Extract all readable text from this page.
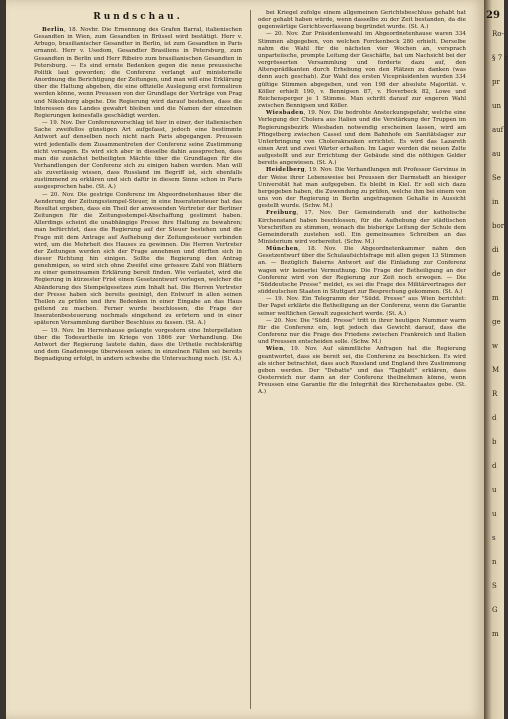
Rundschau.

Berlin, 18. Novbr. Die Ernennung des Grafen Barral, italienischen Gesandten in Wien, zum Gesandten in Brüssel wird bestätigt. Herr v. Arbugo, brasilianischer Gesandter in Berlin, ist zum Gesandten in Paris ernannt. Herr v. Usedom, Gesandter Brasiliens in Petersburg, zum Gesandten in Berlin und Herr Ribeiro zum brasilianischen Gesandten in Petersburg. — Es sind ernste Bedenken gegen die neue preussische Politik laut geworden; die Conferenz verlangt auf ministerielle Anordnung die Berichtigung der Zeitungen, und man will eine Erklärung über die Haltung abgeben, die eine offizielle Auslegung erst formuliren werden könne, wenn Preussen von der Grundlage der Verträge von Prag und Nikolsburg abgehe. Die Regierung wird darauf bestehen, dass die Interessen des Landes gewahrt bleiben und die Namen der einzelnen Regierungen keinesfalls geschädigt werden.

— 19. Nov. Der Conferenzvorschlag ist hier in einer, der italienischen Sache zweifellos günstigen Art aufgefasst, jedoch eine bestimmte Antwort auf denselben noch nicht nach Paris abgegangen. Preussen wird jedenfalls dem Zusammentreten der Conferenz seine Zustimmung nicht versagen. Es wird sich aber in dieselbe dahin aussprechen, dass man die zunächst betheiligten Mächte über die Grundlagen für die Verhandlungen der Conferenz sich zu einigen haben werden. Man will als zuverlässig wissen, dass Russland im Begriff ist, sich ebenfalls zustimmend zu erklären und sich dafür in diesem Sinne schon in Paris ausgesprochen habe. (St. A.)

— 20. Nov. Die gestrige Conferenz im Abgeordnetenhause über die Aenderung der Zeitungsstempel-Steuer, in eine Inseratensteuer hat das Resultat ergeben, dass ein Theil der anwesenden Vertreter der Berliner Zeitungen für die Zeitungsstempel-Abschaffung gestimmt haben. Allerdings scheint die unabhängige Presse ihre Haltung zu bewahren; man befürchtet, dass die Regierung auf der Steuer bestehen und die Frage mit dem Antrage auf Aufhebung der Zeitungssteuer verbinden wird, um die Mehrheit des Hauses zu gewinnen. Die Herren Vertreter der Zeitungen werden sich der Frage annehmen und dürften sich in dieser Richtung hin einigen. Sollte die Regierung den Antrag genehmigen, so wird sich ohne Zweifel eine grössere Zahl von Blättern zu einer gemeinsamen Erklärung bereit finden. Wie verlautet, wird die Regierung in kürzester Frist einen Gesetzentwurf vorlegen, welcher die Abänderung des Stempelgesetzes zum Inhalt hat. Die Herren Vertreter der Presse haben sich bereits geeinigt, den Entwurf in allen seinen Theilen zu prüfen und ihre Bedenken in einer Eingabe an das Haus geltend zu machen. Ferner wurde beschlossen, die Frage der Inseratenbesteuerung nochmals eingehend zu erörtern und in einer späteren Versammlung darüber Beschluss zu fassen. (St. A.)

— 19. Nov. Im Herrenhause gelangte vorgestern eine Interpellation über die Todesurtheile im Kriege von 1866 zur Verhandlung. Die Antwort der Regierung lautete dahin, dass die Urtheile rechtskräftig und dem Gnadenwege überwiesen seien; in einzelnen Fällen sei bereits Begnadigung erfolgt, in andern schwebe die Untersuchung noch. (St. A.)

bei Kriegel zufolge einem allgemeinen Gerichtsbeschluss gehabt hat oder gehabt haben würde, wenn dasselbe zu der Zeit bestanden, da die gegenwärtige Gerichtsverfassung begründet wurde. (St. A.)

— 20. Nov. Zur Präsidentenwahl im Abgeordnetenhause waren 334 Stimmen abgegeben, von welchen Forckenbeck 280 erhielt. Derselbe nahm die Wahl für die nächsten vier Wochen an, versprach unparteiische, prompte Leitung der Geschäfte, bat um Nachsicht bei der vergrösserten Versammlung und forderte dazu auf, den Altersprädikanten durch Erhebung von den Plätzen zu danken (was denn auch geschah). Zur Wahl des ersten Vicepräsidenten wurden 334 gültige Stimmen abgegeben, und von 198 der absolute Majorität. v. Köller erhielt 190, v. Bennigsen 87, v. Hoverbeck 82, Lowe und Reichensperger je 1 Stimme. Man schritt darauf zur engeren Wahl zwischen Bennigsen und Köller.

Wiesbaden, 19. Nov. Die bedrohte Ansteckungsgefahr, welche eine Verlegung der Cholera aus Italien und die Verstärkung der Truppen im Regierungsbezirk Wiesbaden notwendig erscheinen lassen, wird am Pfingstberg zwischen Cassel und dem Bahnhofe ein Sanitätslager zur Unterbringung von Cholerakranken errichtet. Es wird das Lazareth einen Arzt und zwei Wärter erhalten. Im Lager werden die neuen Zelte aufgestellt und zur Errichtung der Gebäude sind die nöthigen Gelder bereits angewiesen. (St. A.)

Heidelberg, 19. Nov. Die Verhandlungen mit Professor Gervinus in der Weise ihrer Lebensweise bei Preussen der Darmstadt an hiesiger Universität hat man aufgegeben. Es bleibt in Kiel. Er soll sich dazu hergegeben haben, die Zuwendung zu prüfen, welche ihm bei einem von uns von der Regierung in Berlin angetragenen Gehalte in Aussicht gestellt wurde. (Schw. M.)

Freiburg, 17. Nov. Der Gemeinderath und der katholische Kirchenstand haben beschlossen, für die Aufhebung der städtischen Vorschriften zu stimmen, wonach die bisherige Leitung der Schule dem Gemeinderath zustehen soll. Ein gemeinsames Schreiben an das Ministerium wird vorbereitet. (Schw. M.)

München, 18. Nov. Die Abgeordnetenkammer nahm den Gesetzentwurf über die Schulaufsichtsfrage mit allen gegen 13 Stimmen an. — Bezüglich Baierns Antwort auf die Einladung zur Conferenz wagen wir keinerlei Vermuthung. Die Frage der Betheiligung an der Conferenz wird von der Regierung zur Zeit noch erwogen. — Die "Süddeutsche Presse" meldet, es sei die Frage des Militärvertrages der süddeutschen Staaten in Stuttgart zur Besprechung gekommen. (St. A.)

— 19. Nov. Ein Telegramm der "Südd. Presse" aus Wien berichtet: Der Papst erklärte die Betheiligung an der Conferenz, wenn die Garantie seiner weltlichen Gewalt zugesichert werde. (St. A.)

— 20. Nov. Die "Südd. Presse" tritt in ihrer heutigen Nummer warm für die Conferenz ein, legt jedoch das Gewicht darauf, dass die Conferenz nur die Frage des Friedens zwischen Frankreich und Italien und Preussen entscheiden solle. (Schw. M.)

Wien, 19. Nov. Auf sämmtliche Anfragen hat die Regierung geantwortet, dass sie bereit sei, die Conferenz zu beschicken. Es wird als sicher betrachtet, dass auch Russland und England ihre Zustimmung geben werden. Der "Debatte" und das "Tagblatt" erklären, dass Oesterreich nur dann an der Conferenz theilnehmen könne, wenn Preussen eine Garantie für die Integrität des Kirchenstaates gebe. (St. A.)

Ro-
§ 7 r
pr
un
auf
au
Se
in
bor
di
de
m
ge
w
M
R
d
b
d
u
u
s
n
S
G
m
29
